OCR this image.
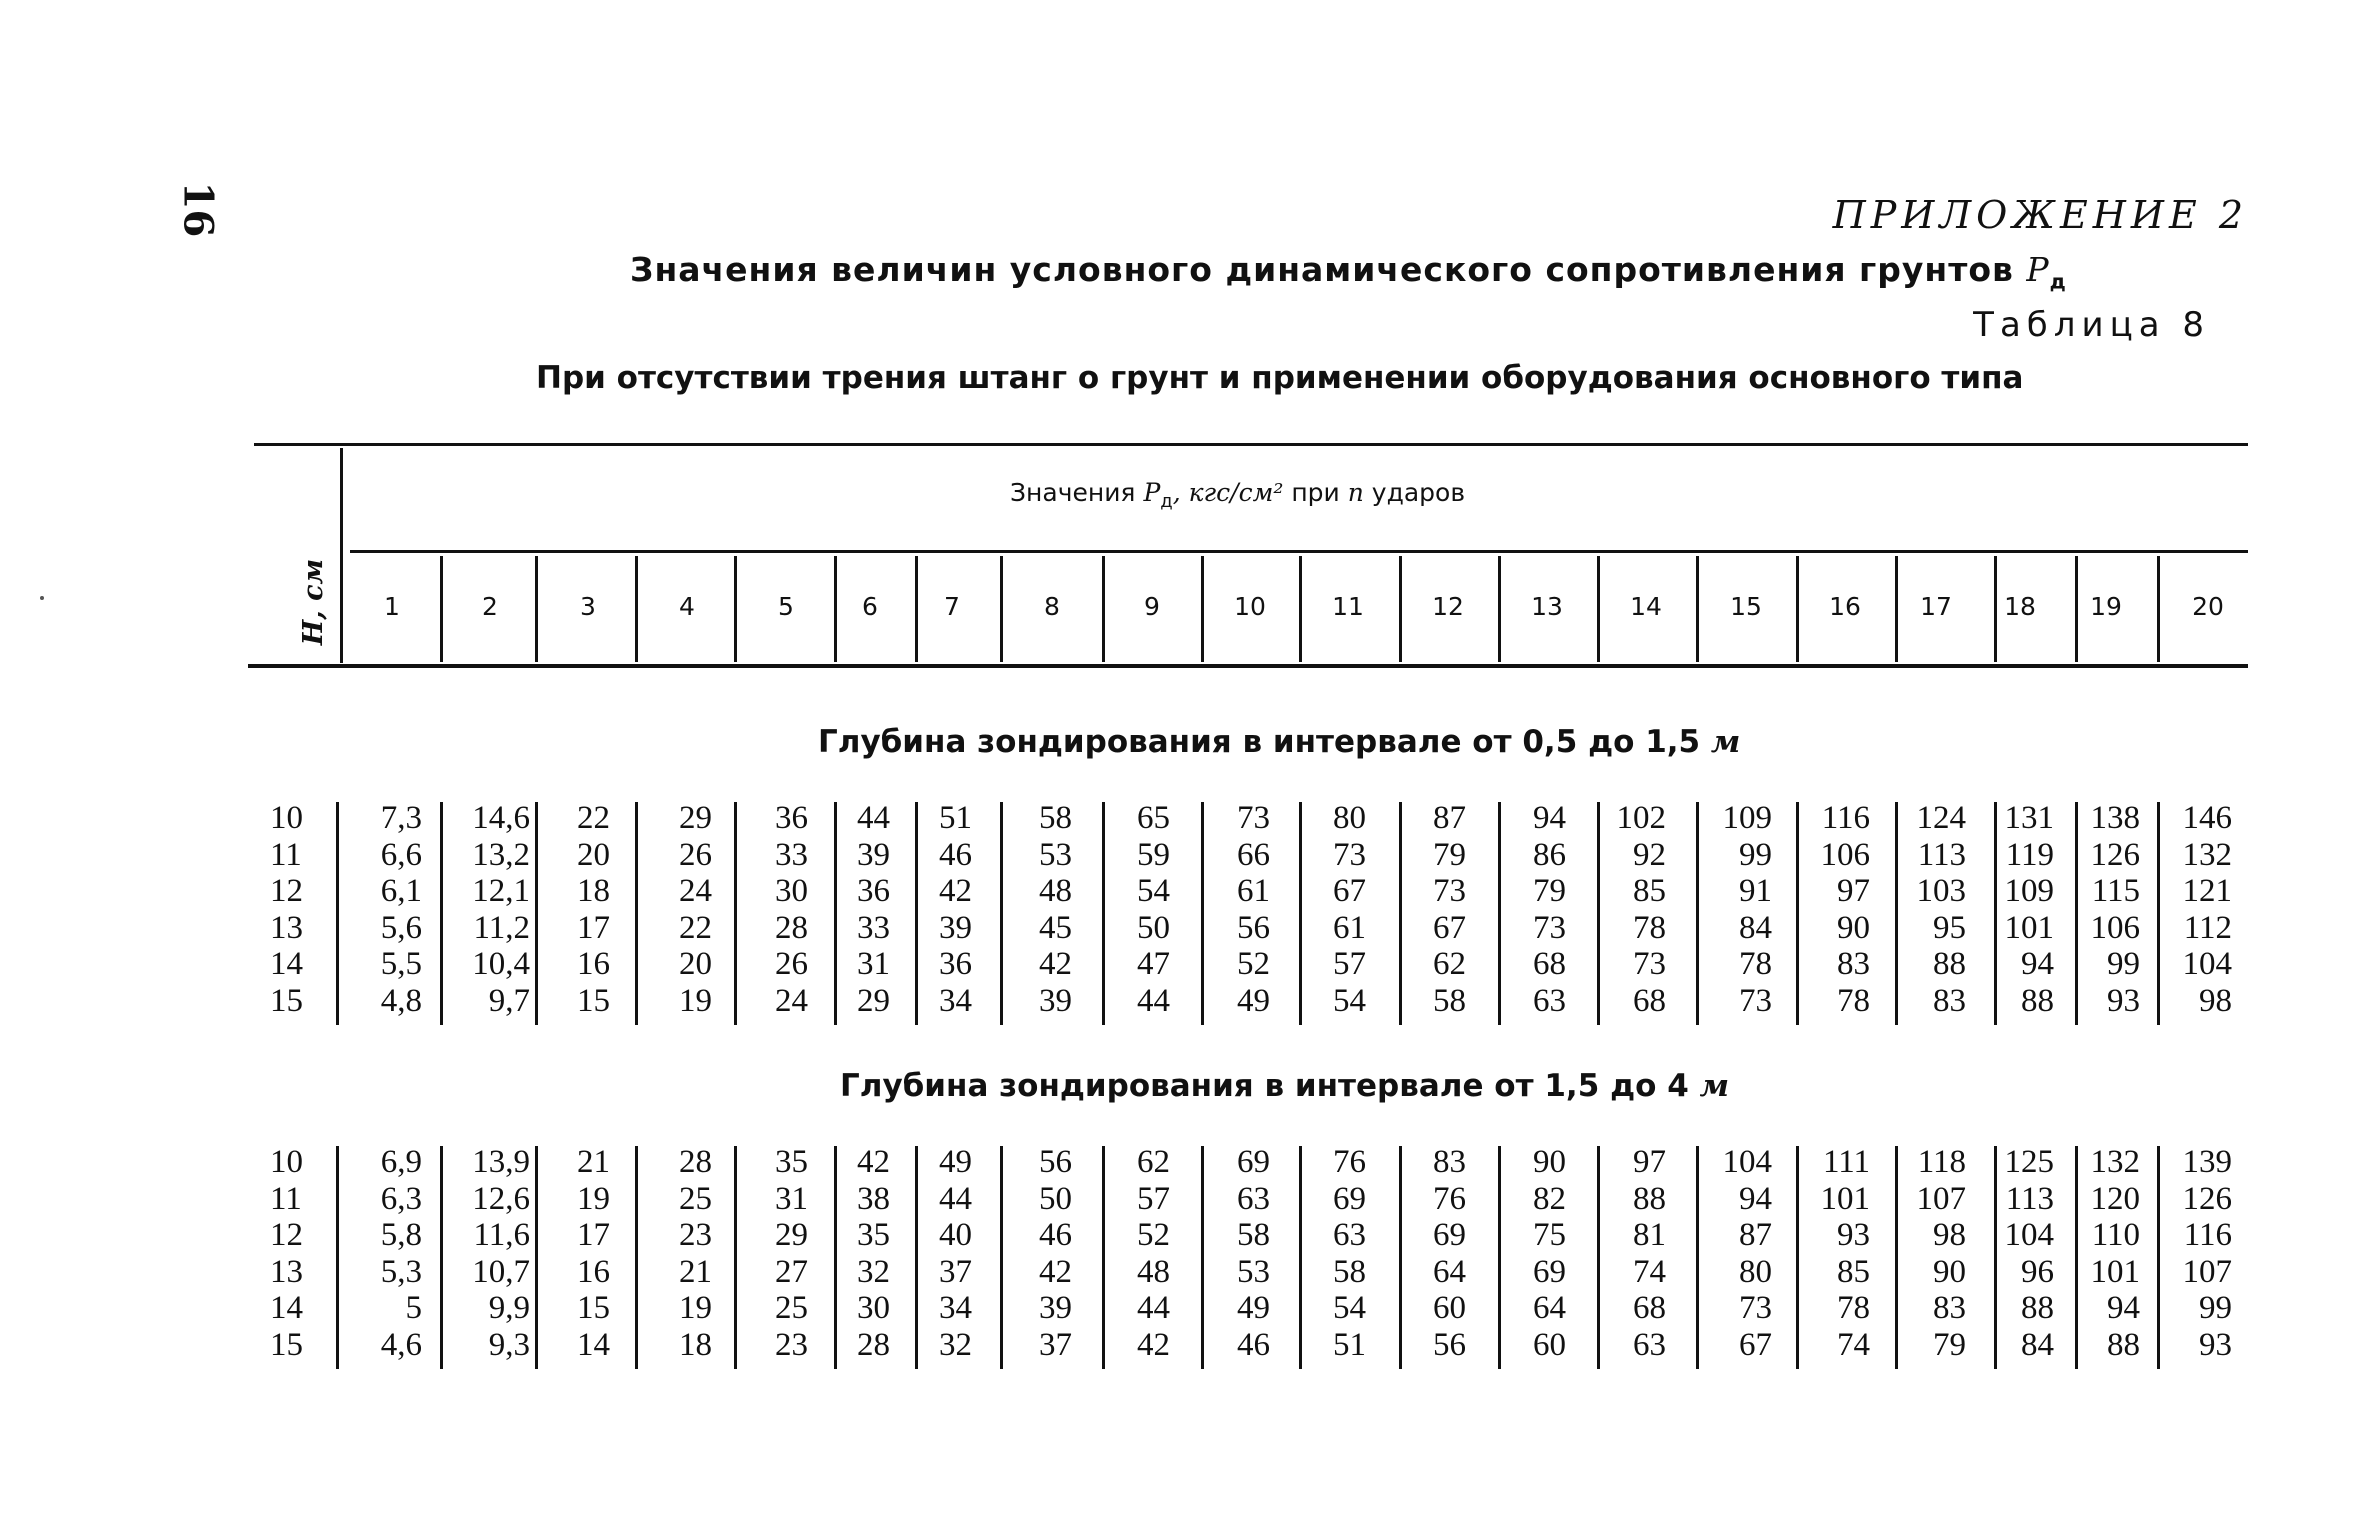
16	ПРИЛОЖЕНИЕ 2
Значения величин условного динамического сопротивления грунтов $P_д$
Таблица 8
При отсутствии трения штанг о грунт и применении оборудования основного типа
Значения $P_д$, кгс/см² при n ударов
H, см 1	2	3	4	5	6	7	8	9	10	11	12	13	14	15	16 17 18 19	20
Глубина зондирования в интервале от 0,5 до 1,5 м
Глубина зондирования в интервале от 1,5 до 4 м
10 7,3 14,6 22 29 36 44 51 58 65 73 80 87 94 102 109 116 124 131 138 146
11 6,6 13,2 20 26 33 39 46 53 59 66 73 79 86 92 99 106 113 119 126 132
12 6,1 12,1 18 24 30 36 42 48 54 61 67 73 79 85 91 97 103 109 115 121
13 5,6 11,2 17 22 28 33 39 45 50 56 61 67 73 78 84 90 95 101 106 112
14 5,5 10,4 16 20 26 31 36 42 47 52 57 62 68 73 78 83 88 94 99 104
15 4,8 9,7 15 19 24 29 34 39 44 49 54 58 63 68 73 78 83 88 93 98
10 6,9 13,9 21 28 35 42 49 56 62 69 76 83 90 97 104 111 118 125 132 139
11 6,3 12,6 19 25 31 38 44 50 57 63 69 76 82 88 94 101 107 113 120 126
12 5,8 11,6 17 23 29 35 40 46 52 58 63 69 75 81 87 93 98 104 110 116
13 5,3 10,7 16 21 27 32 37 42 48 53 58 64 69 74 80 85 90 96 101 107
14	5 9,9 15 19 25 30 34 39 44 49 54 60 64 68 73 78 83 88 94 99
15 4,6 9,3 14 18 23 28 32 37 42 46 51 56 60 63 67 74 79 84 88 93
